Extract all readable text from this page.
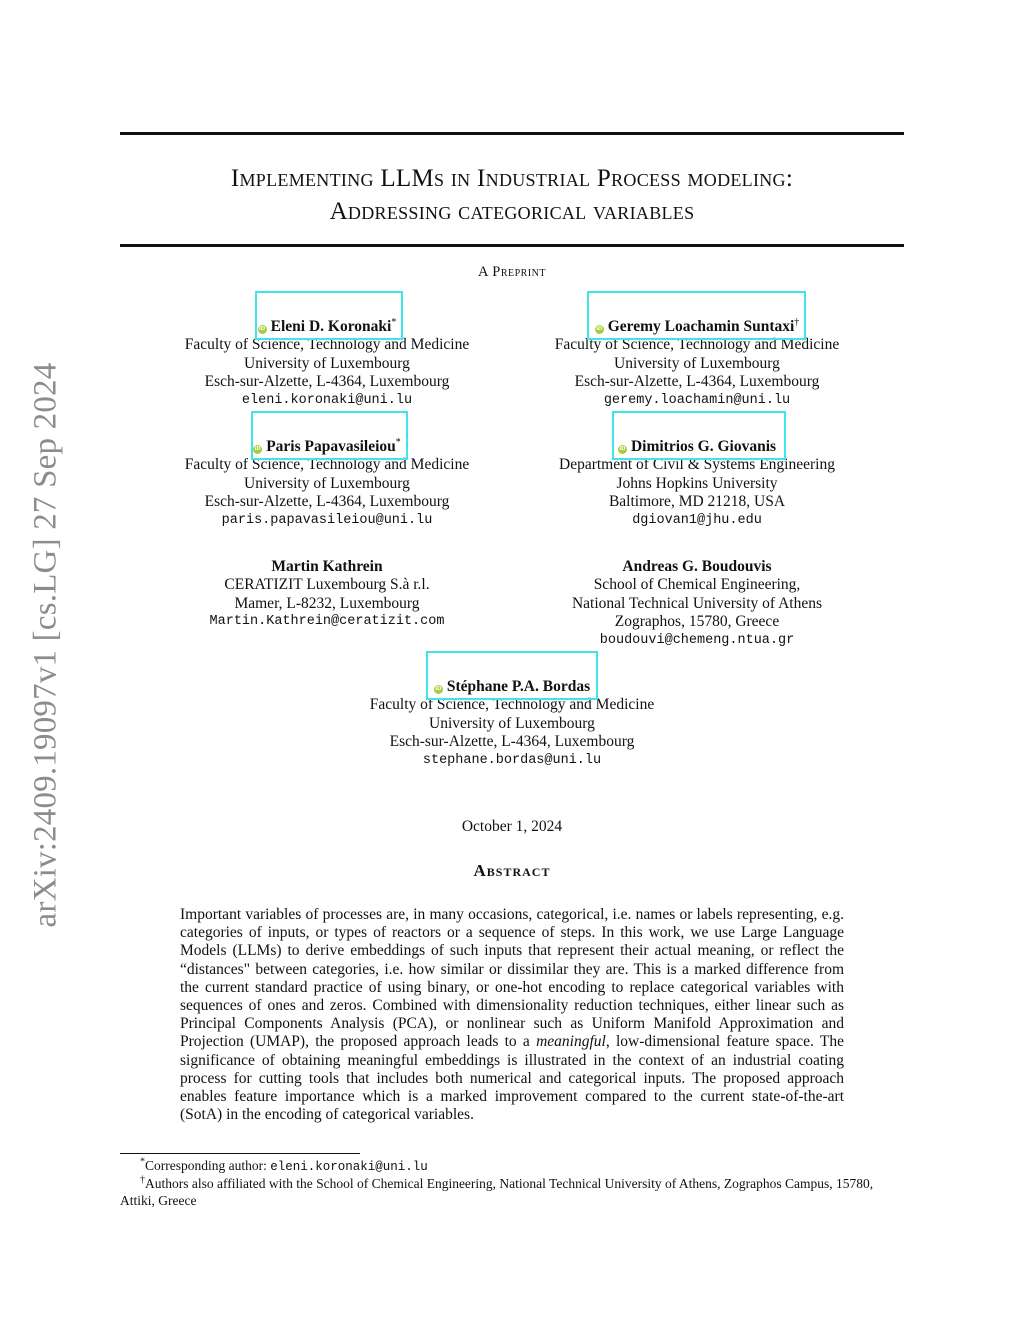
arXiv:2409.19097v1 [cs.LG] 27 Sep 2024
Implementing LLMs in Industrial Process modeling:
Addressing categorical variables
A Preprint
iD Eleni D. Koronaki*
Faculty of Science, Technology and Medicine
University of Luxembourg
Esch-sur-Alzette, L-4364, Luxembourg
eleni.koronaki@uni.lu
iD Geremy Loachamin Suntaxi†
Faculty of Science, Technology and Medicine
University of Luxembourg
Esch-sur-Alzette, L-4364, Luxembourg
geremy.loachamin@uni.lu
iD Paris Papavasileiou*
Faculty of Science, Technology and Medicine
University of Luxembourg
Esch-sur-Alzette, L-4364, Luxembourg
paris.papavasileiou@uni.lu
iD Dimitrios G. Giovanis
Department of Civil & Systems Engineering
Johns Hopkins University
Baltimore, MD 21218, USA
dgiovan1@jhu.edu
Martin Kathrein
CERATIZIT Luxembourg S.à r.l.
Mamer, L-8232, Luxembourg
Martin.Kathrein@ceratizit.com
Andreas G. Boudouvis
School of Chemical Engineering,
National Technical University of Athens
Zographos, 15780, Greece
boudouvi@chemeng.ntua.gr
iD Stéphane P.A. Bordas
Faculty of Science, Technology and Medicine
University of Luxembourg
Esch-sur-Alzette, L-4364, Luxembourg
stephane.bordas@uni.lu
October 1, 2024
Abstract
Important variables of processes are, in many occasions, categorical, i.e. names or labels representing, e.g. categories of inputs, or types of reactors or a sequence of steps. In this work, we use Large Language Models (LLMs) to derive embeddings of such inputs that represent their actual meaning, or reflect the “distances" between categories, i.e. how similar or dissimilar they are. This is a marked difference from the current standard practice of using binary, or one-hot encoding to replace categorical variables with sequences of ones and zeros. Combined with dimensionality reduction techniques, either linear such as Principal Components Analysis (PCA), or nonlinear such as Uniform Manifold Approximation and Projection (UMAP), the proposed approach leads to a meaningful, low-dimensional feature space. The significance of obtaining meaningful embeddings is illustrated in the context of an industrial coating process for cutting tools that includes both numerical and categorical inputs. The proposed approach enables feature importance which is a marked improvement compared to the current state-of-the-art (SotA) in the encoding of categorical variables.
*Corresponding author: eleni.koronaki@uni.lu
†Authors also affiliated with the School of Chemical Engineering, National Technical University of Athens, Zographos Campus, 15780, Attiki, Greece
